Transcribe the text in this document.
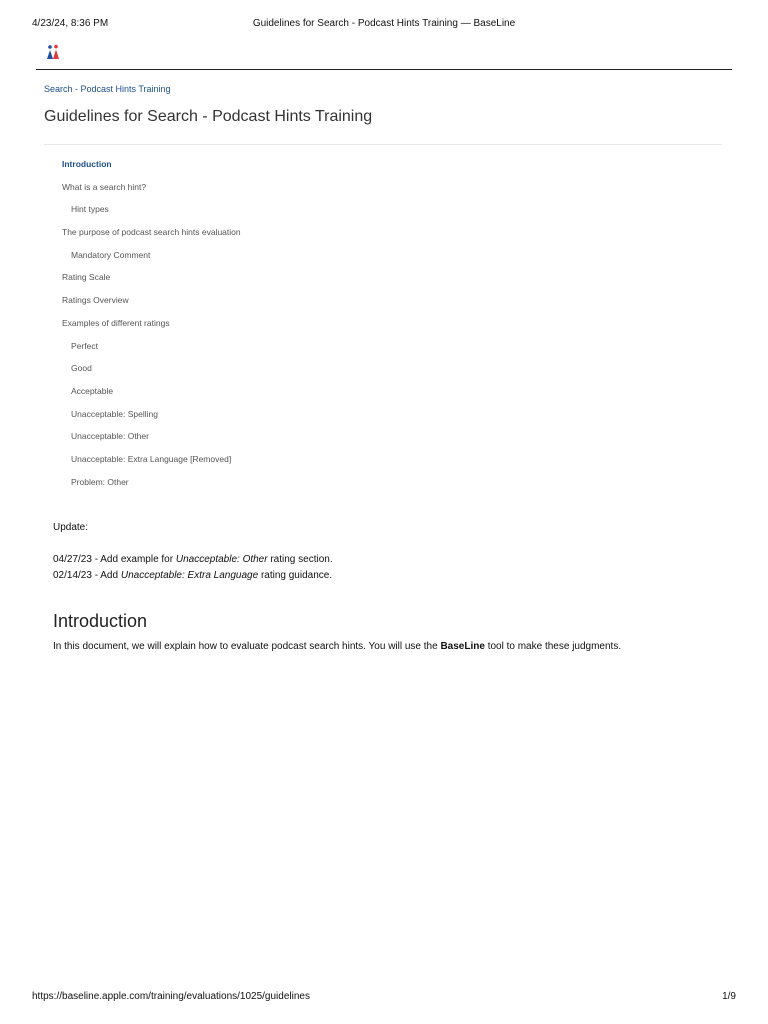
4/23/24, 8:36 PM	Guidelines for Search - Podcast Hints Training — BaseLine
Search - Podcast Hints Training
Guidelines for Search - Podcast Hints Training
Introduction
What is a search hint?
Hint types
The purpose of podcast search hints evaluation
Mandatory Comment
Rating Scale
Ratings Overview
Examples of different ratings
Perfect
Good
Acceptable
Unacceptable: Spelling
Unacceptable: Other
Unacceptable: Extra Language [Removed]
Problem: Other

Update:

04/27/23 - Add example for Unacceptable: Other rating section.
02/14/23 - Add Unacceptable: Extra Language rating guidance.
Introduction

In this document, we will explain how to evaluate podcast search hints. You will use the BaseLine tool to make these judgments.

https://baseline.apple.com/training/evaluations/1025/guidelines	1/9
